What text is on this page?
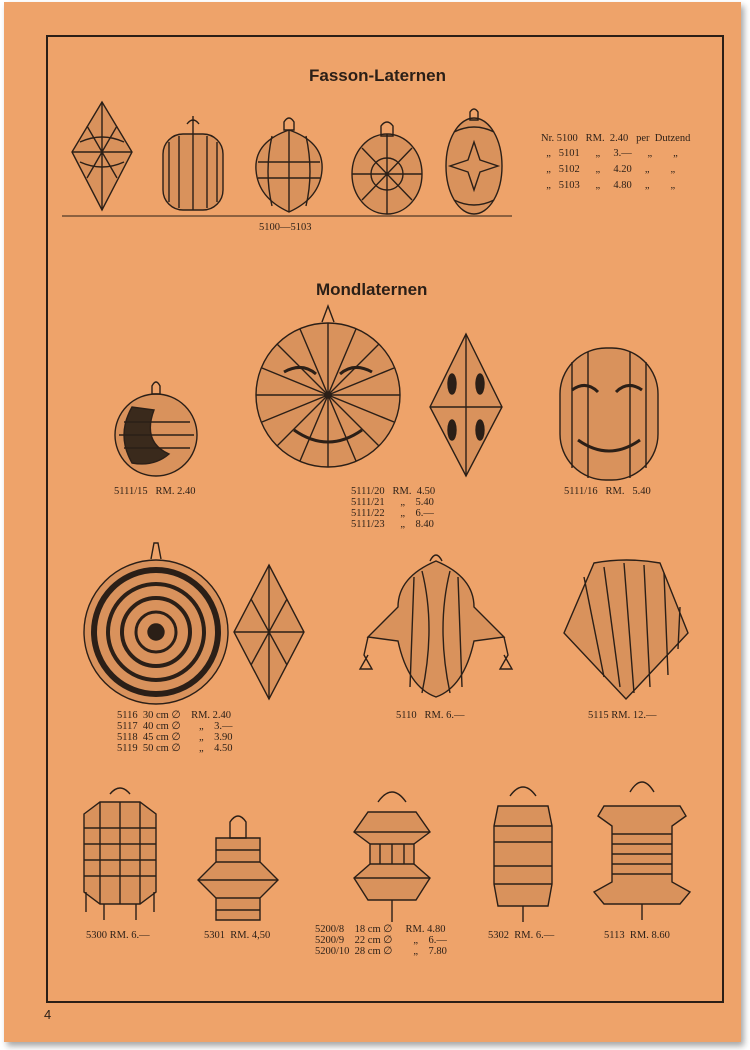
Fasson-Laternen
Mondlaternen
5100—5103
Nr. 5100   RM.  2.40   per  Dutzend
„   5101      „     3.—      „        „
„   5102      „     4.20     „        „
„   5103      „     4.80     „        „
5111/15   RM. 2.40	5111/20   RM.  4.50
5111/21      „    5.40
5111/22      „    6.—
5111/23      „    8.40
5111/16   RM.   5.40
5116  30 cm ∅    RM. 2.40
5117  40 cm ∅       „    3.—
5118  45 cm ∅       „    3.90
5119  50 cm ∅       „    4.50
5110   RM. 6.—	5115 RM. 12.—
5300 RM. 6.—	5301  RM. 4,50
5200/8    18 cm ∅     RM. 4.80
5200/9    22 cm ∅        „    6.—
5200/10  28 cm ∅        „    7.80
5302  RM. 6.—	5113  RM. 8.60
4
